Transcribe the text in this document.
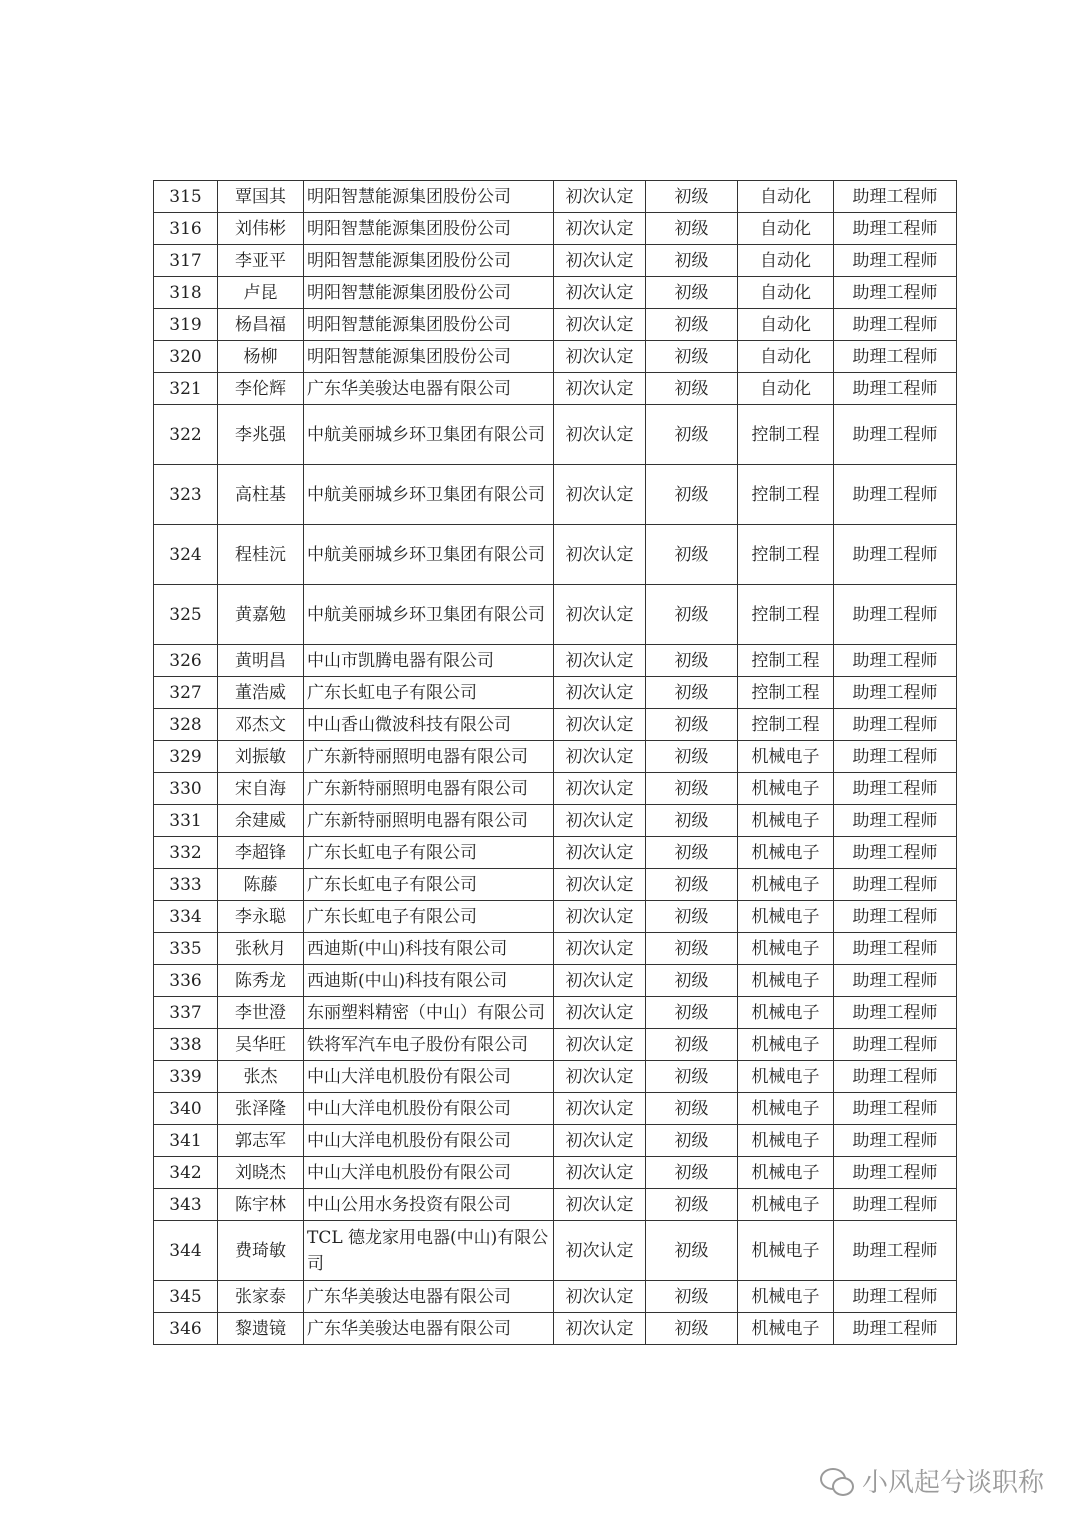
315	覃国其	明阳智慧能源集团股份公司	初次认定	初级	自动化	助理工程师
316	刘伟彬	明阳智慧能源集团股份公司	初次认定	初级	自动化	助理工程师
317	李亚平	明阳智慧能源集团股份公司	初次认定	初级	自动化	助理工程师
318	卢昆	明阳智慧能源集团股份公司	初次认定	初级	自动化	助理工程师
319	杨昌福	明阳智慧能源集团股份公司	初次认定	初级	自动化	助理工程师
320	杨柳	明阳智慧能源集团股份公司	初次认定	初级	自动化	助理工程师
321	李伦辉	广东华美骏达电器有限公司	初次认定	初级	自动化	助理工程师
322	李兆强	中航美丽城乡环卫集团有限公司	初次认定	初级	控制工程	助理工程师
323	高柱基	中航美丽城乡环卫集团有限公司	初次认定	初级	控制工程	助理工程师
324	程桂沅	中航美丽城乡环卫集团有限公司	初次认定	初级	控制工程	助理工程师
325	黄嘉勉	中航美丽城乡环卫集团有限公司	初次认定	初级	控制工程	助理工程师
326	黄明昌	中山市凯腾电器有限公司	初次认定	初级	控制工程	助理工程师
327	董浩威	广东长虹电子有限公司	初次认定	初级	控制工程	助理工程师
328	邓杰文	中山香山微波科技有限公司	初次认定	初级	控制工程	助理工程师
329	刘振敏	广东新特丽照明电器有限公司	初次认定	初级	机械电子	助理工程师
330	宋自海	广东新特丽照明电器有限公司	初次认定	初级	机械电子	助理工程师
331	余建威	广东新特丽照明电器有限公司	初次认定	初级	机械电子	助理工程师
332	李超锋	广东长虹电子有限公司	初次认定	初级	机械电子	助理工程师
333	陈藤	广东长虹电子有限公司	初次认定	初级	机械电子	助理工程师
334	李永聪	广东长虹电子有限公司	初次认定	初级	机械电子	助理工程师
335	张秋月	西迪斯(中山)科技有限公司	初次认定	初级	机械电子	助理工程师
336	陈秀龙	西迪斯(中山)科技有限公司	初次认定	初级	机械电子	助理工程师
337	李世澄	东丽塑料精密（中山）有限公司	初次认定	初级	机械电子	助理工程师
338	吴华旺	铁将军汽车电子股份有限公司	初次认定	初级	机械电子	助理工程师
339	张杰	中山大洋电机股份有限公司	初次认定	初级	机械电子	助理工程师
340	张泽隆	中山大洋电机股份有限公司	初次认定	初级	机械电子	助理工程师
341	郭志军	中山大洋电机股份有限公司	初次认定	初级	机械电子	助理工程师
342	刘晓杰	中山大洋电机股份有限公司	初次认定	初级	机械电子	助理工程师
343	陈宇林	中山公用水务投资有限公司	初次认定	初级	机械电子	助理工程师
344	费琦敏	TCL 德龙家用电器(中山)有限公司	初次认定	初级	机械电子	助理工程师
345	张家泰	广东华美骏达电器有限公司	初次认定	初级	机械电子	助理工程师
346	黎遗镜	广东华美骏达电器有限公司	初次认定	初级	机械电子	助理工程师
小风起兮谈职称
